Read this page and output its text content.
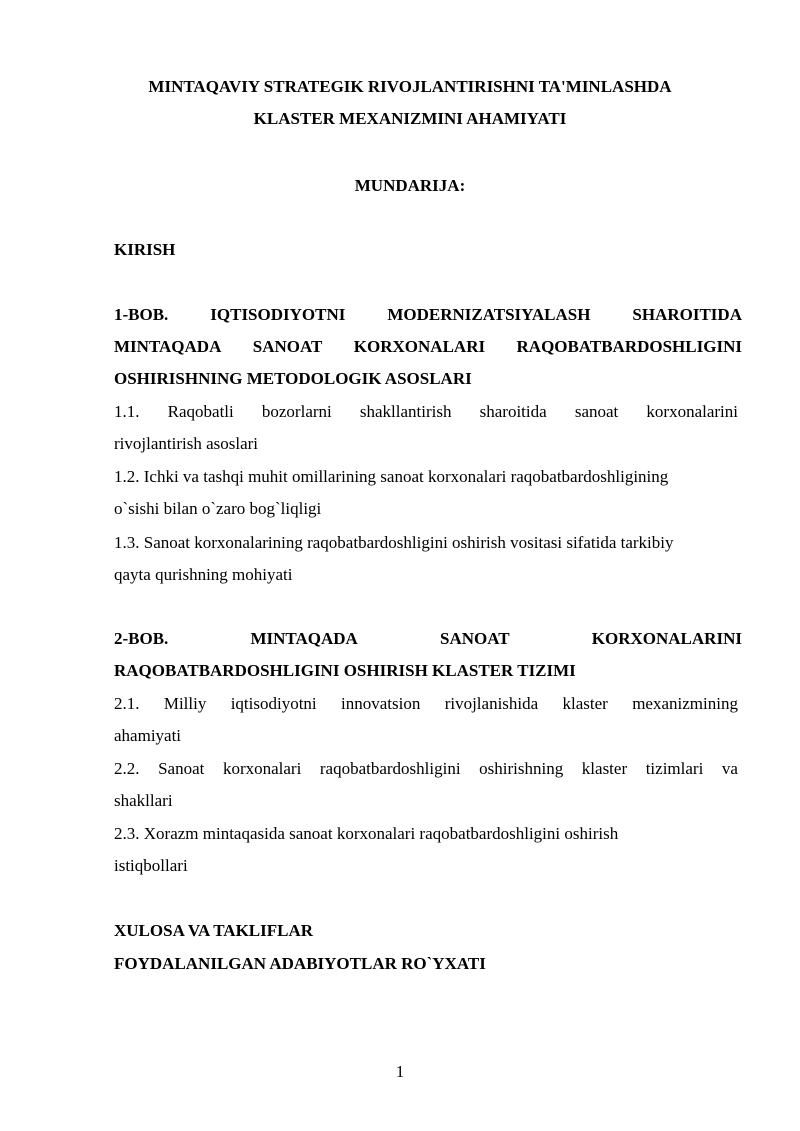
MINTAQAVIY STRATEGIK RIVOJLANTIRISHNI TA'MINLASHDA
KLASTER MEXANIZMINI AHAMIYATI
MUNDARIJA:
KIRISH
1-BOB. IQTISODIYOTNI MODERNIZATSIYALASH SHAROITIDA
MINTAQADA SANOAT KORXONALARI RAQOBATBARDOSHLIGINI
OSHIRISHNING METODOLOGIK ASOSLARI
1.1. Raqobatli bozorlarni shakllantirish sharoitida sanoat korxonalarini
rivojlantirish asoslari
1.2. Ichki va tashqi muhit omillarining sanoat korxonalari raqobatbardoshligining
o`sishi bilan o`zaro bog`liqligi
1.3. Sanoat korxonalarining raqobatbardoshligini oshirish vositasi sifatida tarkibiy
qayta qurishning mohiyati
2-BOB.	MINTAQADA	SANOAT	KORXONALARINI
RAQOBATBARDOSHLIGINI OSHIRISH KLASTER TIZIMI
2.1. Milliy iqtisodiyotni innovatsion rivojlanishida klaster mexanizmining
ahamiyati
2.2. Sanoat korxonalari raqobatbardoshligini oshirishning klaster tizimlari va
shakllari
2.3. Xorazm mintaqasida sanoat korxonalari raqobatbardoshligini oshirish
istiqbollari
XULOSA VA TAKLIFLAR
FOYDALANILGAN ADABIYOTLAR RO`YXATI
1
